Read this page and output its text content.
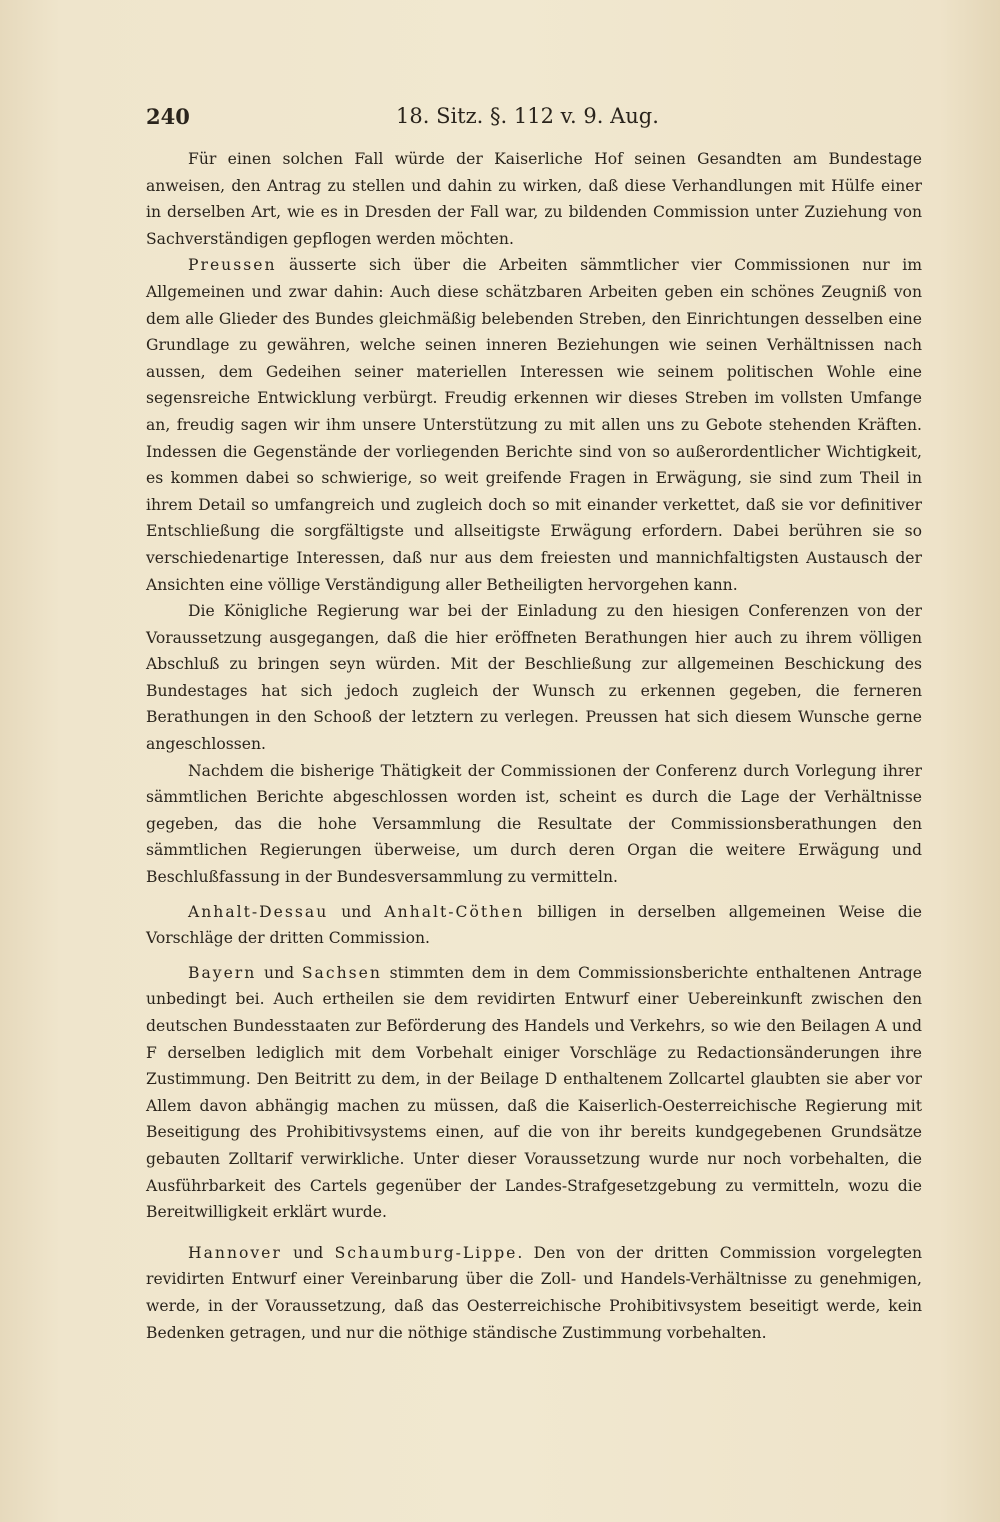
240	18. Sitz. §. 112 v. 9. Aug.

Für einen solchen Fall würde der Kaiserliche Hof seinen Gesandten am Bundestage anweisen, den Antrag zu stellen und dahin zu wirken, daß diese Verhandlungen mit Hülfe einer in derselben Art, wie es in Dresden der Fall war, zu bildenden Commission unter Zuziehung von Sachverständigen gepflogen werden möchten.

Preussen äusserte sich über die Arbeiten sämmtlicher vier Commissionen nur im Allgemeinen und zwar dahin: Auch diese schätzbaren Arbeiten geben ein schönes Zeugniß von dem alle Glieder des Bundes gleichmäßig belebenden Streben, den Einrichtungen desselben eine Grundlage zu gewähren, welche seinen inneren Beziehungen wie seinen Verhältnissen nach aussen, dem Gedeihen seiner materiellen Interessen wie seinem politischen Wohle eine segensreiche Entwicklung verbürgt. Freudig erkennen wir dieses Streben im vollsten Umfange an, freudig sagen wir ihm unsere Unterstützung zu mit allen uns zu Gebote stehenden Kräften. Indessen die Gegenstände der vorliegenden Berichte sind von so außerordentlicher Wichtigkeit, es kommen dabei so schwierige, so weit greifende Fragen in Erwägung, sie sind zum Theil in ihrem Detail so umfangreich und zugleich doch so mit einander verkettet, daß sie vor definitiver Entschließung die sorgfältigste und allseitigste Erwägung erfordern. Dabei berühren sie so verschiedenartige Interessen, daß nur aus dem freiesten und mannichfaltigsten Austausch der Ansichten eine völlige Verständigung aller Betheiligten hervorgehen kann.

Die Königliche Regierung war bei der Einladung zu den hiesigen Conferenzen von der Voraussetzung ausgegangen, daß die hier eröffneten Berathungen hier auch zu ihrem völligen Abschluß zu bringen seyn würden. Mit der Beschließung zur allgemeinen Beschickung des Bundestages hat sich jedoch zugleich der Wunsch zu erkennen gegeben, die ferneren Berathungen in den Schooß der letztern zu verlegen. Preussen hat sich diesem Wunsche gerne angeschlossen.

Nachdem die bisherige Thätigkeit der Commissionen der Conferenz durch Vorlegung ihrer sämmtlichen Berichte abgeschlossen worden ist, scheint es durch die Lage der Verhältnisse gegeben, das die hohe Versammlung die Resultate der Commissionsberathungen den sämmtlichen Regierungen überweise, um durch deren Organ die weitere Erwägung und Beschlußfassung in der Bundesversammlung zu vermitteln.

Anhalt-Dessau und Anhalt-Cöthen billigen in derselben allgemeinen Weise die Vorschläge der dritten Commission.

Bayern und Sachsen stimmten dem in dem Commissionsberichte enthaltenen Antrage unbedingt bei. Auch ertheilen sie dem revidirten Entwurf einer Uebereinkunft zwischen den deutschen Bundesstaaten zur Beförderung des Handels und Verkehrs, so wie den Beilagen A und F derselben lediglich mit dem Vorbehalt einiger Vorschläge zu Redactionsänderungen ihre Zustimmung. Den Beitritt zu dem, in der Beilage D enthaltenem Zollcartel glaubten sie aber vor Allem davon abhängig machen zu müssen, daß die Kaiserlich-Oesterreichische Regierung mit Beseitigung des Prohibitivsystems einen, auf die von ihr bereits kundgegebenen Grundsätze gebauten Zolltarif verwirkliche. Unter dieser Voraussetzung wurde nur noch vorbehalten, die Ausführbarkeit des Cartels gegenüber der Landes-Strafgesetzgebung zu vermitteln, wozu die Bereitwilligkeit erklärt wurde.

Hannover und Schaumburg-Lippe. Den von der dritten Commission vorgelegten revidirten Entwurf einer Vereinbarung über die Zoll- und Handels-Verhältnisse zu genehmigen, werde, in der Voraussetzung, daß das Oesterreichische Prohibitivsystem beseitigt werde, kein Bedenken getragen, und nur die nöthige ständische Zustimmung vorbehalten.
